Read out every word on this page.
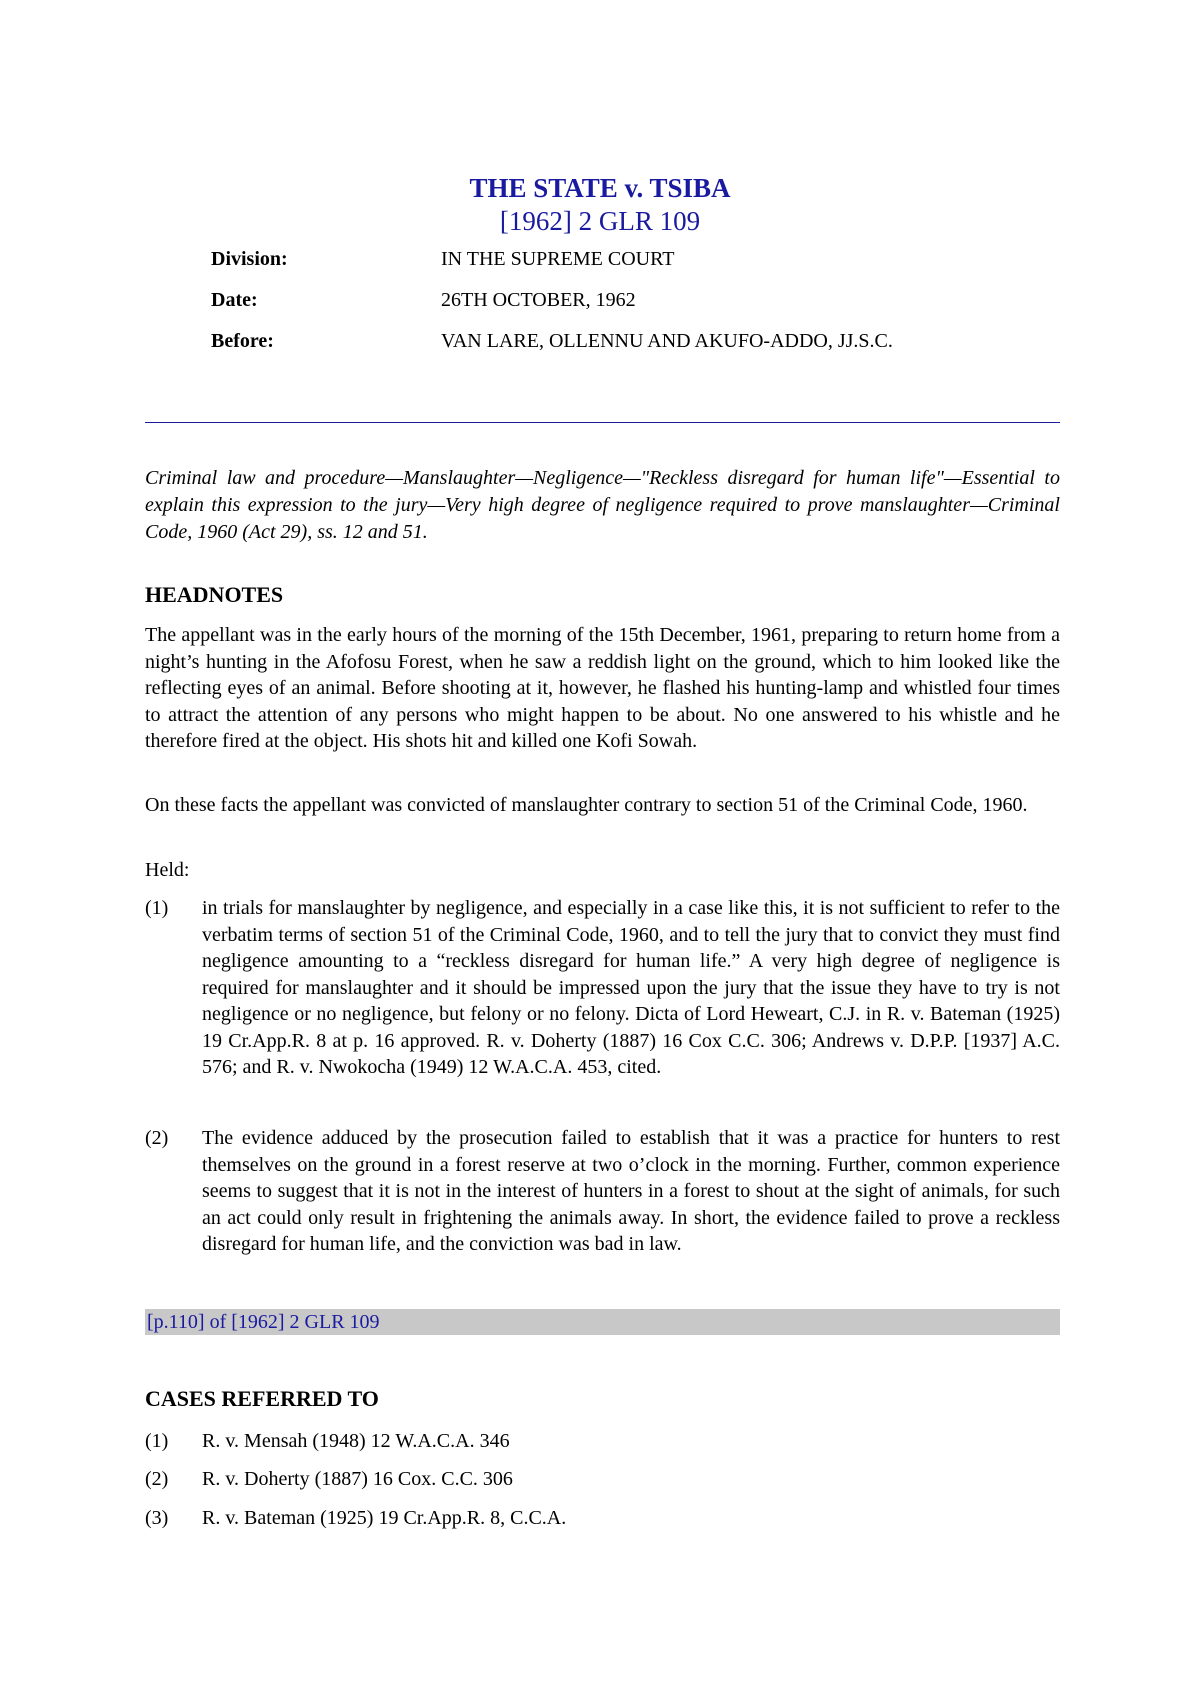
THE STATE v. TSIBA
[1962] 2 GLR 109
Division:	IN THE SUPREME COURT
Date:	26TH OCTOBER, 1962
Before:	VAN LARE, OLLENNU AND AKUFO-ADDO, JJ.S.C.

Criminal law and procedure—Manslaughter—Negligence—"Reckless disregard for human life"—Essential to explain this expression to the jury—Very high degree of negligence required to prove manslaughter—Criminal Code, 1960 (Act 29), ss. 12 and 51.

HEADNOTES

The appellant was in the early hours of the morning of the 15th December, 1961, preparing to return home from a night’s hunting in the Afofosu Forest, when he saw a reddish light on the ground, which to him looked like the reflecting eyes of an animal. Before shooting at it, however, he flashed his hunting-lamp and whistled four times to attract the attention of any persons who might happen to be about. No one answered to his whistle and he therefore fired at the object. His shots hit and killed one Kofi Sowah.

On these facts the appellant was convicted of manslaughter contrary to section 51 of the Criminal Code, 1960.

Held:

(1) in trials for manslaughter by negligence, and especially in a case like this, it is not sufficient to refer to the verbatim terms of section 51 of the Criminal Code, 1960, and to tell the jury that to convict they must find negligence amounting to a “reckless disregard for human life.” A very high degree of negligence is required for manslaughter and it should be impressed upon the jury that the issue they have to try is not negligence or no negligence, but felony or no felony. Dicta of Lord Heweart, C.J. in R. v. Bateman (1925) 19 Cr.App.R. 8 at p. 16 approved. R. v. Doherty (1887) 16 Cox C.C. 306; Andrews v. D.P.P. [1937] A.C. 576; and R. v. Nwokocha (1949) 12 W.A.C.A. 453, cited.
(2) The evidence adduced by the prosecution failed to establish that it was a practice for hunters to rest themselves on the ground in a forest reserve at two o’clock in the morning. Further, common experience seems to suggest that it is not in the interest of hunters in a forest to shout at the sight of animals, for such an act could only result in frightening the animals away. In short, the evidence failed to prove a reckless disregard for human life, and the conviction was bad in law.
[p.110] of [1962] 2 GLR 109
CASES REFERRED TO
(1) R. v. Mensah (1948) 12 W.A.C.A. 346
(2) R. v. Doherty (1887) 16 Cox. C.C. 306
(3) R. v. Bateman (1925) 19 Cr.App.R. 8, C.C.A.
